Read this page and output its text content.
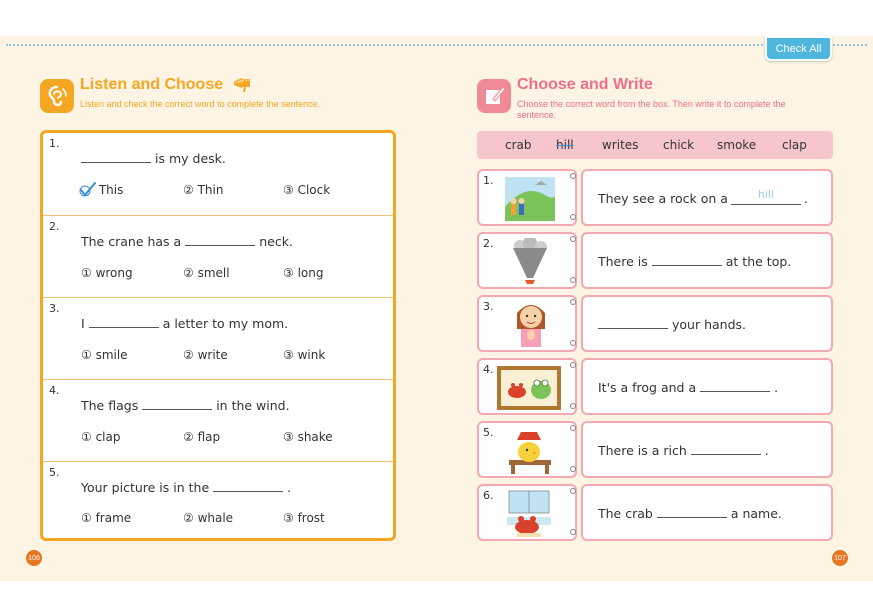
Check All
Listen and Choose	Track 41
Listen and check the correct word to complete the sentence.
1.
is my desk.
This	② Thin	③ Clock
2.
The crane has a	neck.
① wrong	② smell	③ long
3.
I	a letter to my mom.
① smile	② write	③ wink
4.
The flags	in the wind.
① clap	② flap	③ shake
5.
Your picture is in the	.
① frame	② whale	③ frost
106
Choose and Write
Choose the correct word from the box. Then write it to complete the sentence.
crab hill writes chick smoke clap
1.
They see a rock on a	hill .
2.
There is	at the top.
3.
your hands.
4.
It's a frog and a	.
5.
There is a rich	.
6.
The crab	a name.
107
